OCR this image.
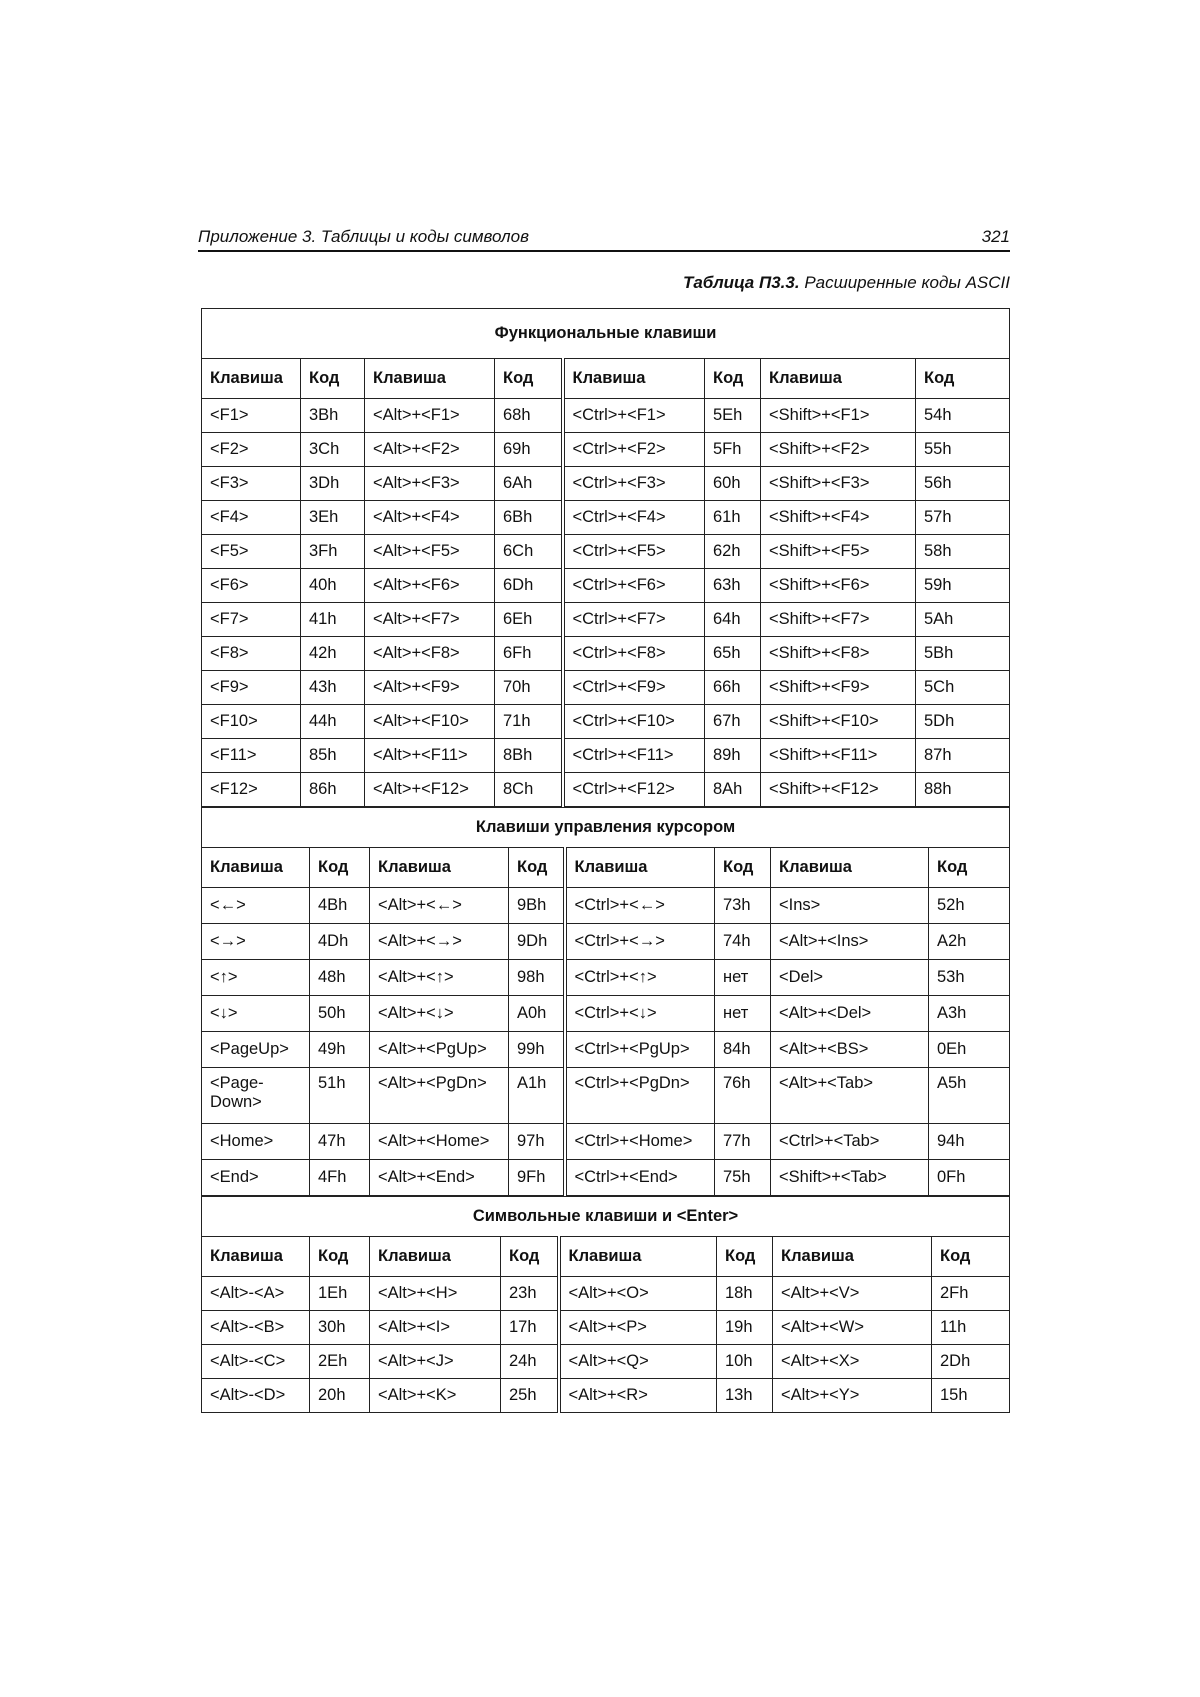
Приложение 3. Таблицы и коды символов	321
Таблица П3.3. Расширенные коды ASCII
Функциональные клавиши							
Клавиша	Код	Клавиша	Код	Клавиша	Код	Клавиша	Код
<F1>	3Bh	<Alt>+<F1>	68h	<Ctrl>+<F1>	5Eh	<Shift>+<F1>	54h
<F2>	3Ch	<Alt>+<F2>	69h	<Ctrl>+<F2>	5Fh	<Shift>+<F2>	55h
<F3>	3Dh	<Alt>+<F3>	6Ah	<Ctrl>+<F3>	60h	<Shift>+<F3>	56h
<F4>	3Eh	<Alt>+<F4>	6Bh	<Ctrl>+<F4>	61h	<Shift>+<F4>	57h
<F5>	3Fh	<Alt>+<F5>	6Ch	<Ctrl>+<F5>	62h	<Shift>+<F5>	58h
<F6>	40h	<Alt>+<F6>	6Dh	<Ctrl>+<F6>	63h	<Shift>+<F6>	59h
<F7>	41h	<Alt>+<F7>	6Eh	<Ctrl>+<F7>	64h	<Shift>+<F7>	5Ah
<F8>	42h	<Alt>+<F8>	6Fh	<Ctrl>+<F8>	65h	<Shift>+<F8>	5Bh
<F9>	43h	<Alt>+<F9>	70h	<Ctrl>+<F9>	66h	<Shift>+<F9>	5Ch
<F10>	44h	<Alt>+<F10>	71h	<Ctrl>+<F10>	67h	<Shift>+<F10>	5Dh
<F11>	85h	<Alt>+<F11>	8Bh	<Ctrl>+<F11>	89h	<Shift>+<F11>	87h
<F12>	86h	<Alt>+<F12>	8Ch	<Ctrl>+<F12>	8Ah	<Shift>+<F12>	88h
Клавиши управления курсором							
Клавиша	Код	Клавиша	Код	Клавиша	Код	Клавиша	Код
<←>	4Bh	<Alt>+<←>	9Bh	<Ctrl>+<←>	73h	<Ins>	52h
<→>	4Dh	<Alt>+<→>	9Dh	<Ctrl>+<→>	74h	<Alt>+<Ins>	A2h
<↑>	48h	<Alt>+<↑>	98h	<Ctrl>+<↑>	нет	<Del>	53h
<↓>	50h	<Alt>+<↓>	A0h	<Ctrl>+<↓>	нет	<Alt>+<Del>	A3h
<PageUp>	49h	<Alt>+<PgUp>	99h	<Ctrl>+<PgUp>	84h	<Alt>+<BS>	0Eh
<Page-
Down>	51h	<Alt>+<PgDn>	A1h	<Ctrl>+<PgDn>	76h	<Alt>+<Tab>	A5h
<Home>	47h	<Alt>+<Home>	97h	<Ctrl>+<Home>	77h	<Ctrl>+<Tab>	94h
<End>	4Fh	<Alt>+<End>	9Fh	<Ctrl>+<End>	75h	<Shift>+<Tab>	0Fh
Символьные клавиши и <Enter>							
Клавиша	Код	Клавиша	Код	Клавиша	Код	Клавиша	Код
<Alt>-<A>	1Eh	<Alt>+<H>	23h	<Alt>+<O>	18h	<Alt>+<V>	2Fh
<Alt>-<B>	30h	<Alt>+<I>	17h	<Alt>+<P>	19h	<Alt>+<W>	11h
<Alt>-<C>	2Eh	<Alt>+<J>	24h	<Alt>+<Q>	10h	<Alt>+<X>	2Dh
<Alt>-<D>	20h	<Alt>+<K>	25h	<Alt>+<R>	13h	<Alt>+<Y>	15h
